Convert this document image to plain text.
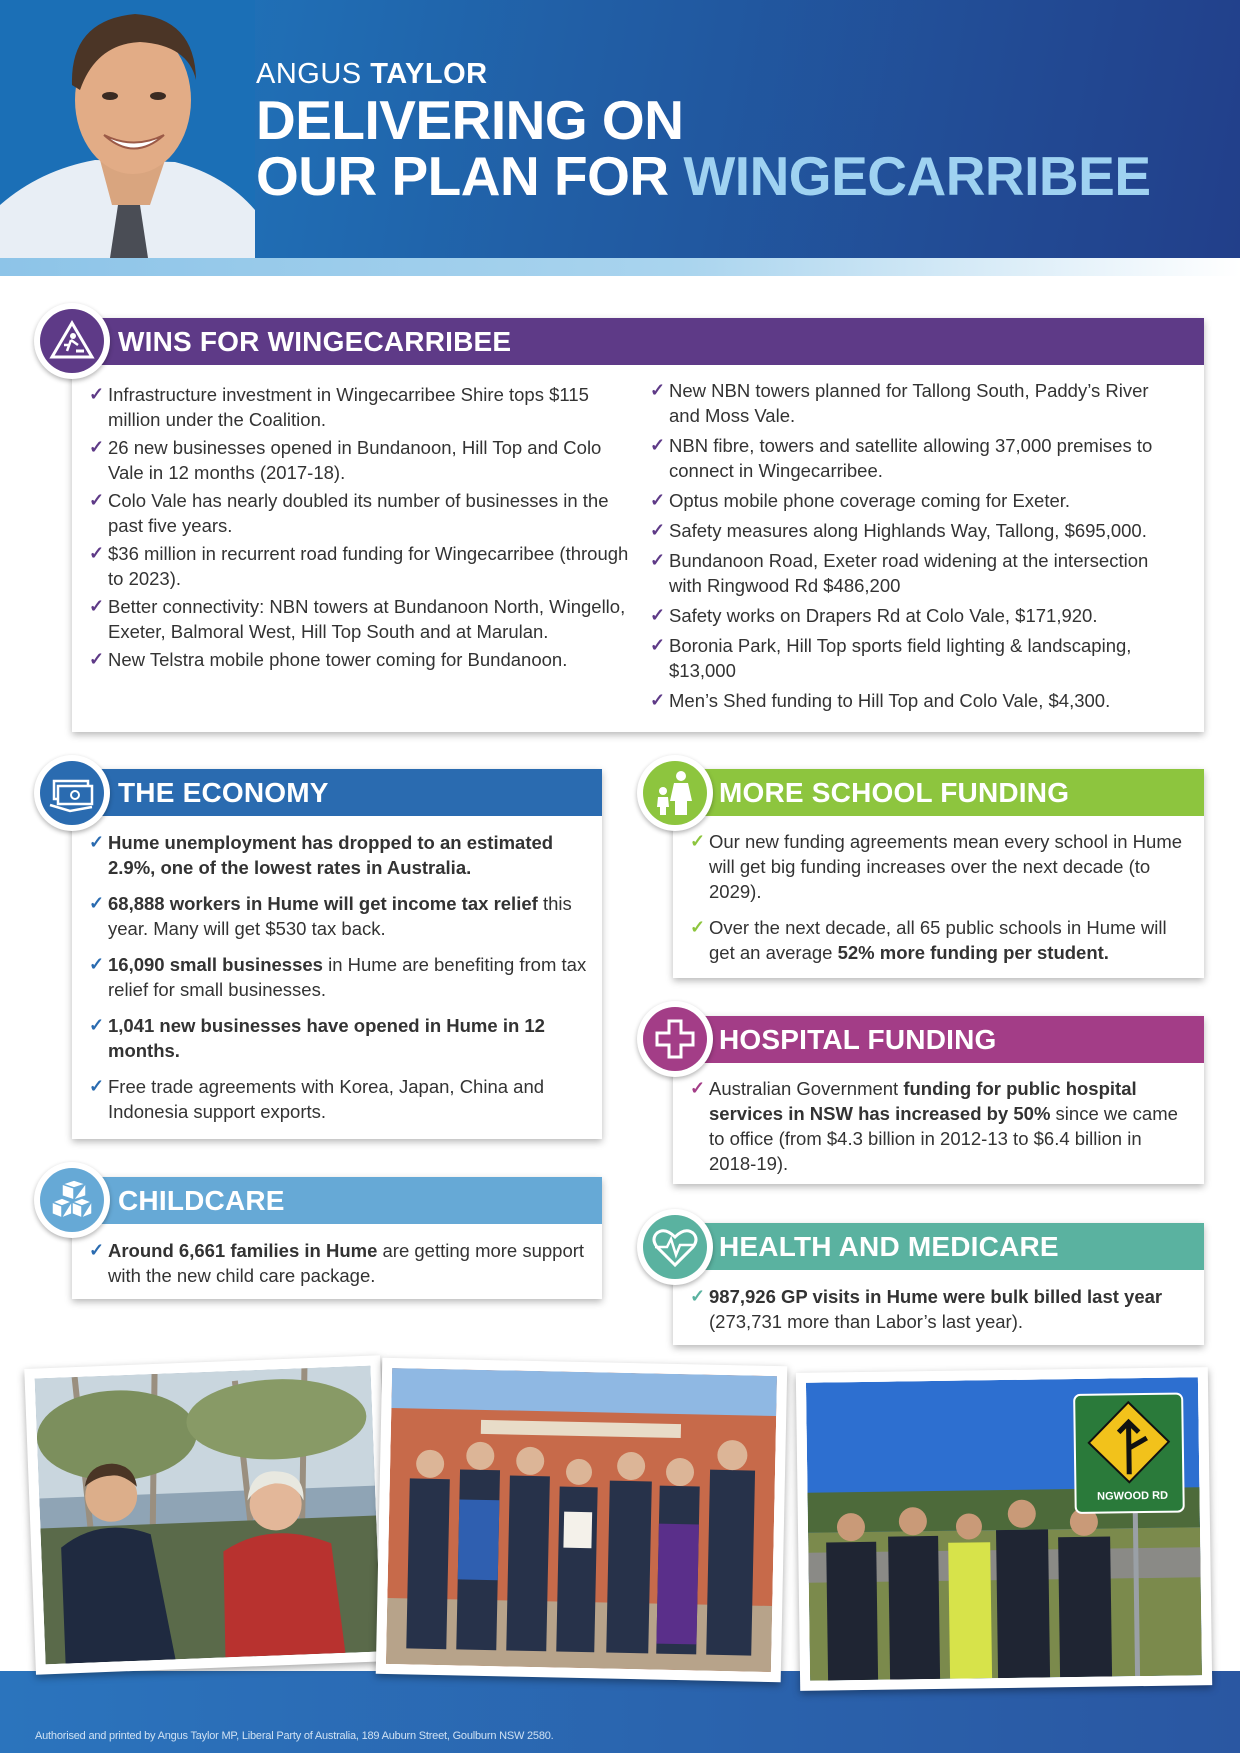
ANGUS TAYLOR
DELIVERING ON
OUR PLAN FOR WINGECARRIBEE
WINS FOR WINGECARRIBEE
✓ Infrastructure investment in Wingecarribee Shire tops $115 million under the Coalition.
✓ 26 new businesses opened in Bundanoon, Hill Top and Colo Vale in 12 months (2017-18).
✓ Colo Vale has nearly doubled its number of businesses in the past five years.
✓ $36 million in recurrent road funding for Wingecarribee (through to 2023).
✓ Better connectivity: NBN towers at Bundanoon North, Wingello, Exeter, Balmoral West, Hill Top South and at Marulan.
✓ New Telstra mobile phone tower coming for Bundanoon.
✓ New NBN towers planned for Tallong South, Paddy’s River and Moss Vale.
✓ NBN fibre, towers and satellite allowing 37,000 premises to connect in Wingecarribee.
✓ Optus mobile phone coverage coming for Exeter.
✓ Safety measures along Highlands Way, Tallong, $695,000.
✓ Bundanoon Road, Exeter road widening at the intersection with Ringwood Rd $486,200
✓ Safety works on Drapers Rd at Colo Vale, $171,920.
✓ Boronia Park, Hill Top sports field lighting & landscaping, $13,000
✓ Men’s Shed funding to Hill Top and Colo Vale, $4,300.
THE ECONOMY
✓ Hume unemployment has dropped to an estimated 2.9%, one of the lowest rates in Australia.
✓ 68,888 workers in Hume will get income tax relief this year. Many will get $530 tax back.
✓ 16,090 small businesses in Hume are benefiting from tax relief for small businesses.
✓ 1,041 new businesses have opened in Hume in 12 months.
✓ Free trade agreements with Korea, Japan, China and Indonesia support exports.
CHILDCARE
✓ Around 6,661 families in Hume are getting more support with the new child care package.
MORE SCHOOL FUNDING
✓ Our new funding agreements mean every school in Hume will get big funding increases over the next decade (to 2029).
✓ Over the next decade, all 65 public schools in Hume will get an average 52% more funding per student.
HOSPITAL FUNDING
✓ Australian Government funding for public hospital services in NSW has increased by 50% since we came to office (from $4.3 billion in 2012-13 to $6.4 billion in 2018-19).
HEALTH AND MEDICARE
✓ 987,926 GP visits in Hume were bulk billed last year (273,731 more than Labor’s last year).
NGWOOD RD
Authorised and printed by Angus Taylor MP, Liberal Party of Australia, 189 Auburn Street, Goulburn NSW 2580.
